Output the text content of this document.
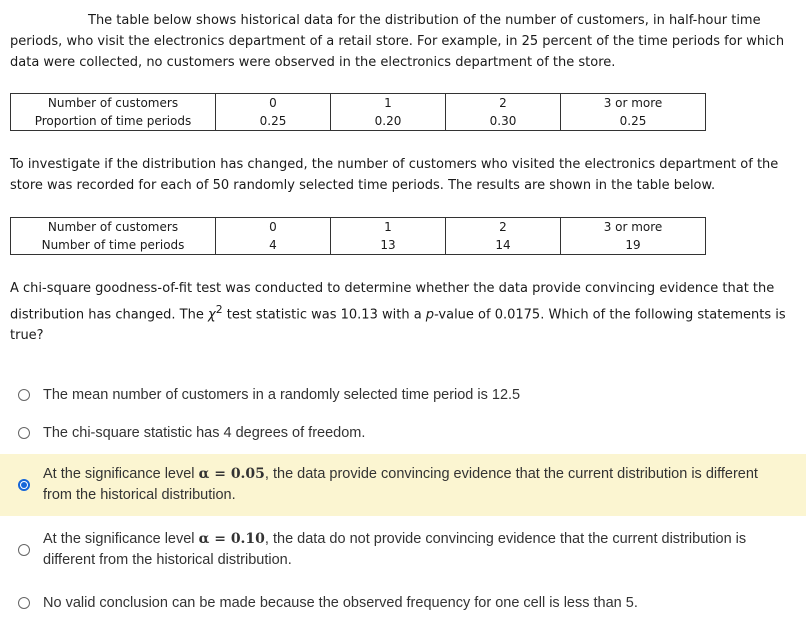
The table below shows historical data for the distribution of the number of customers, in half-hour time periods, who visit the electronics department of a retail store. For example, in 25 percent of the time periods for which data were collected, no customers were observed in the electronics department of the store.
Number of customers	0	1	2	3 or more
Proportion of time periods	0.25	0.20	0.30	0.25
To investigate if the distribution has changed, the number of customers who visited the electronics department of the store was recorded for each of 50 randomly selected time periods. The results are shown in the table below.
Number of customers	0	1	2	3 or more
Number of time periods	4	13	14	19
A chi-square goodness-of-fit test was conducted to determine whether the data provide convincing evidence that the distribution has changed. The $\chi^2$ test statistic was 10.13 with a p-value of 0.0175. Which of the following statements is true?
The mean number of customers in a randomly selected time period is 12.5
The chi-square statistic has 4 degrees of freedom.
At the significance level α = 0.05, the data provide convincing evidence that the current distribution is different from the historical distribution.
At the significance level α = 0.10, the data do not provide convincing evidence that the current distribution is different from the historical distribution.
No valid conclusion can be made because the observed frequency for one cell is less than 5.
